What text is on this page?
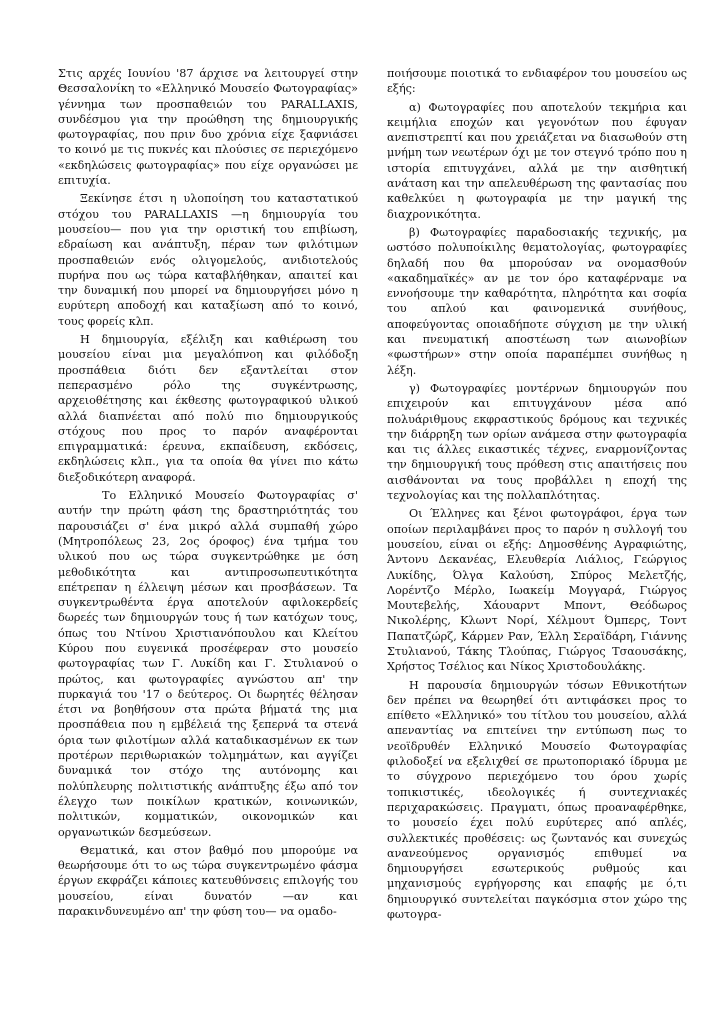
Στις αρχές Ιουνίου '87 άρχισε να λειτουργεί στην Θεσσαλονίκη το «Ελληνικό Μουσείο Φωτογραφίας» γέννημα των προσπαθειών του PARALLAXIS, συνδέσμου για την προώθηση της δημιουργικής φωτογραφίας, που πριν δυο χρόνια είχε ξαφνιάσει το κοινό με τις πυκνές και πλούσιες σε περιεχόμενο «εκδηλώσεις φωτογραφίας» που είχε οργανώσει με επιτυχία.

Ξεκίνησε έτσι η υλοποίηση του καταστατικού στόχου του PARALLAXIS —η δημιουργία του μουσείου— που για την οριστική του επιβίωση, εδραίωση και ανάπτυξη, πέραν των φιλότιμων προσπαθειών ενός ολιγομελούς, ανιδιοτελούς πυρήνα που ως τώρα καταβλήθηκαν, απαιτεί και την δυναμική που μπορεί να δημιουργήσει μόνο η ευρύτερη αποδοχή και καταξίωση από το κοινό, τους φορείς κλπ.

Η δημιουργία, εξέλιξη και καθιέρωση του μουσείου είναι μια μεγαλόπνοη και φιλόδοξη προσπάθεια διότι δεν εξαντλείται στον πεπερασμένο ρόλο της συγκέντρωσης, αρχειοθέτησης και έκθεσης φωτογραφικού υλικού αλλά διαπνέεται από πολύ πιο δημιουργικούς στόχους που προς το παρόν αναφέρονται επιγραμματικά: έρευνα, εκπαίδευση, εκδόσεις, εκδηλώσεις κλπ., για τα οποία θα γίνει πιο κάτω διεξοδικότερη αναφορά.

Το Ελληνικό Μουσείο Φωτογραφίας σ' αυτήν την πρώτη φάση της δραστηριότητάς του παρουσιάζει σ' ένα μικρό αλλά συμπαθή χώρο (Μητροπόλεως 23, 2ος όροφος) ένα τμήμα του υλικού που ως τώρα συγκεντρώθηκε με όση μεθοδικότητα και αντιπροσωπευτικότητα επέτρεπαν η έλλειψη μέσων και προσβάσεων. Τα συγκεντρωθέντα έργα αποτελούν αφιλοκερδείς δωρεές των δημιουργών τους ή των κατόχων τους, όπως του Ντίνου Χριστιανόπουλου και Κλείτου Κύρου που ευγενικά προσέφεραν στο μουσείο φωτογραφίας των Γ. Λυκίδη και Γ. Στυλιανού ο πρώτος, και φωτογραφίες αγνώστου απ' την πυρκαγιά του '17 ο δεύτερος. Οι δωρητές θέλησαν έτσι να βοηθήσουν στα πρώτα βήματά της μια προσπάθεια που η εμβέλειά της ξεπερνά τα στενά όρια των φιλοτίμων αλλά καταδικασμένων εκ των προτέρων περιθωριακών τολμημάτων, και αγγίζει δυναμικά τον στόχο της αυτόνομης και πολύπλευρης πολιτιστικής ανάπτυξης έξω από τον έλεγχο των ποικίλων κρατικών, κοινωνικών, πολιτικών, κομματικών, οικονομικών και οργανωτικών δεσμεύσεων.

Θεματικά, και στον βαθμό που μπορούμε να θεωρήσουμε ότι το ως τώρα συγκεντρωμένο φάσμα έργων εκφράζει κάποιες κατευθύνσεις επιλογής του μουσείου, είναι δυνατόν —αν και παρακινδυνευμένο απ' την φύση του— να ομαδο-

ποιήσουμε ποιοτικά το ενδιαφέρον του μουσείου ως εξής:

α) Φωτογραφίες που αποτελούν τεκμήρια και κειμήλια εποχών και γεγονότων που έφυγαν ανεπιστρεπτί και που χρειάζεται να διασωθούν στη μνήμη των νεωτέρων όχι με τον στεγνό τρόπο που η ιστορία επιτυγχάνει, αλλά με την αισθητική ανάταση και την απελευθέρωση της φαντασίας που καθελκύει η φωτογραφία με την μαγική της διαχρονικότητα.

β) Φωτογραφίες παραδοσιακής τεχνικής, μα ωστόσο πολυποίκιλης θεματολογίας, φωτογραφίες δηλαδή που θα μπορούσαν να ονομασθούν «ακαδημαϊκές» αν με τον όρο καταφέρναμε να εννοήσουμε την καθαρότητα, πληρότητα και σοφία του απλού και φαινομενικά συνήθους, αποφεύγοντας οποιαδήποτε σύγχιση με την υλική και πνευματική αποστέωση των αιωνοβίων «φωστήρων» στην οποία παραπέμπει συνήθως η λέξη.

γ) Φωτογραφίες μοντέρνων δημιουργών που επιχειρούν και επιτυγχάνουν μέσα από πολυάριθμους εκφραστικούς δρόμους και τεχνικές την διάρρηξη των ορίων ανάμεσα στην φωτογραφία και τις άλλες εικαστικές τέχνες, εναρμονίζοντας την δημιουργική τους πρόθεση στις απαιτήσεις που αισθάνονται να τους προβάλλει η εποχή της τεχνολογίας και της πολλαπλότητας.

Οι Έλληνες και ξένοι φωτογράφοι, έργα των οποίων περιλαμβάνει προς το παρόν η συλλογή του μουσείου, είναι οι εξής: Δημοσθένης Αγραφιώτης, Άντονυ Δεκανέας, Ελευθερία Λιάλιος, Γεώργιος Λυκίδης, Όλγα Καλούση, Σπύρος Μελετζής, Λορέντζο Μέρλο, Ιωακείμ Μογγαρά, Γιώργος Μουτεβελής, Χάουαρντ Μποντ, Θεόδωρος Νικολέρης, Κλωντ Νορί, Χέλμουτ Όμπερς, Τοντ Παπατζώρζ, Κάρμεν Ραν, Έλλη Σεραϊδάρη, Γιάννης Στυλιανού, Τάκης Τλούπας, Γιώργος Τσαουσάκης, Χρήστος Τσέλιος και Νίκος Χριστοδουλάκης.

Η παρουσία δημιουργών τόσων Εθνικοτήτων δεν πρέπει να θεωρηθεί ότι αντιφάσκει προς το επίθετο «Ελληνικό» του τίτλου του μουσείου, αλλά απεναντίας να επιτείνει την εντύπωση πως το νεοϊδρυθέν Ελληνικό Μουσείο Φωτογραφίας φιλοδοξεί να εξελιχθεί σε πρωτοποριακό ίδρυμα με το σύγχρονο περιεχόμενο του όρου χωρίς τοπικιστικές, ιδεολογικές ή συντεχνιακές περιχαρακώσεις. Πραγματι, όπως προαναφέρθηκε, το μουσείο έχει πολύ ευρύτερες από απλές, συλλεκτικές προθέσεις: ως ζωντανός και συνεχώς ανανεούμενος οργανισμός επιθυμεί να δημιουργήσει εσωτερικούς ρυθμούς και μηχανισμούς εγρήγορσης και επαφής με ό,τι δημιουργικό συντελείται παγκόσμια στον χώρο της φωτογρα-
